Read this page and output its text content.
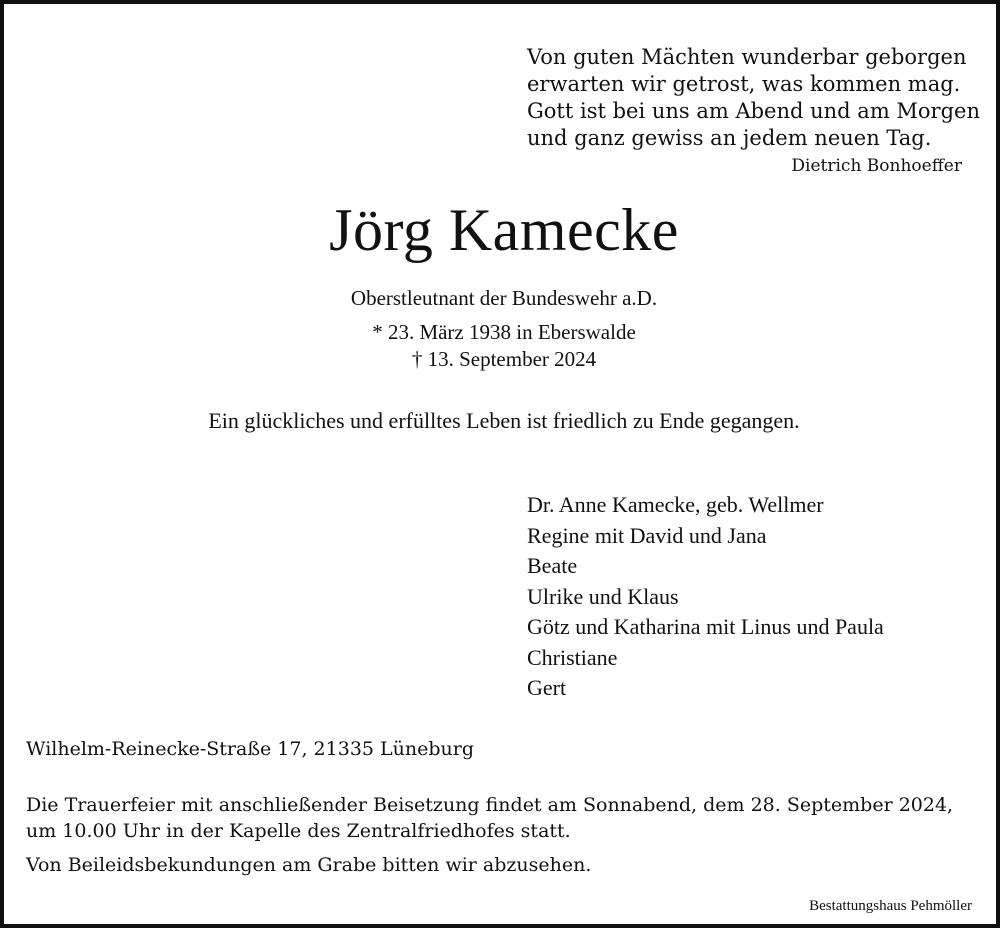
Von guten Mächten wunderbar geborgen
erwarten wir getrost, was kommen mag.
Gott ist bei uns am Abend und am Morgen
und ganz gewiss an jedem neuen Tag.
Dietrich Bonhoeffer
Jörg Kamecke
Oberstleutnant der Bundeswehr a.D.
* 23. März 1938 in Eberswalde
† 13. September 2024
Ein glückliches und erfülltes Leben ist friedlich zu Ende gegangen.
Dr. Anne Kamecke, geb. Wellmer
Regine mit David und Jana
Beate
Ulrike und Klaus
Götz und Katharina mit Linus und Paula
Christiane
Gert
Wilhelm-Reinecke-Straße 17, 21335 Lüneburg
Die Trauerfeier mit anschließender Beisetzung findet am Sonnabend, dem 28. September 2024,
um 10.00 Uhr in der Kapelle des Zentralfriedhofes statt.
Von Beileidsbekundungen am Grabe bitten wir abzusehen.
Bestattungshaus Pehmöller
